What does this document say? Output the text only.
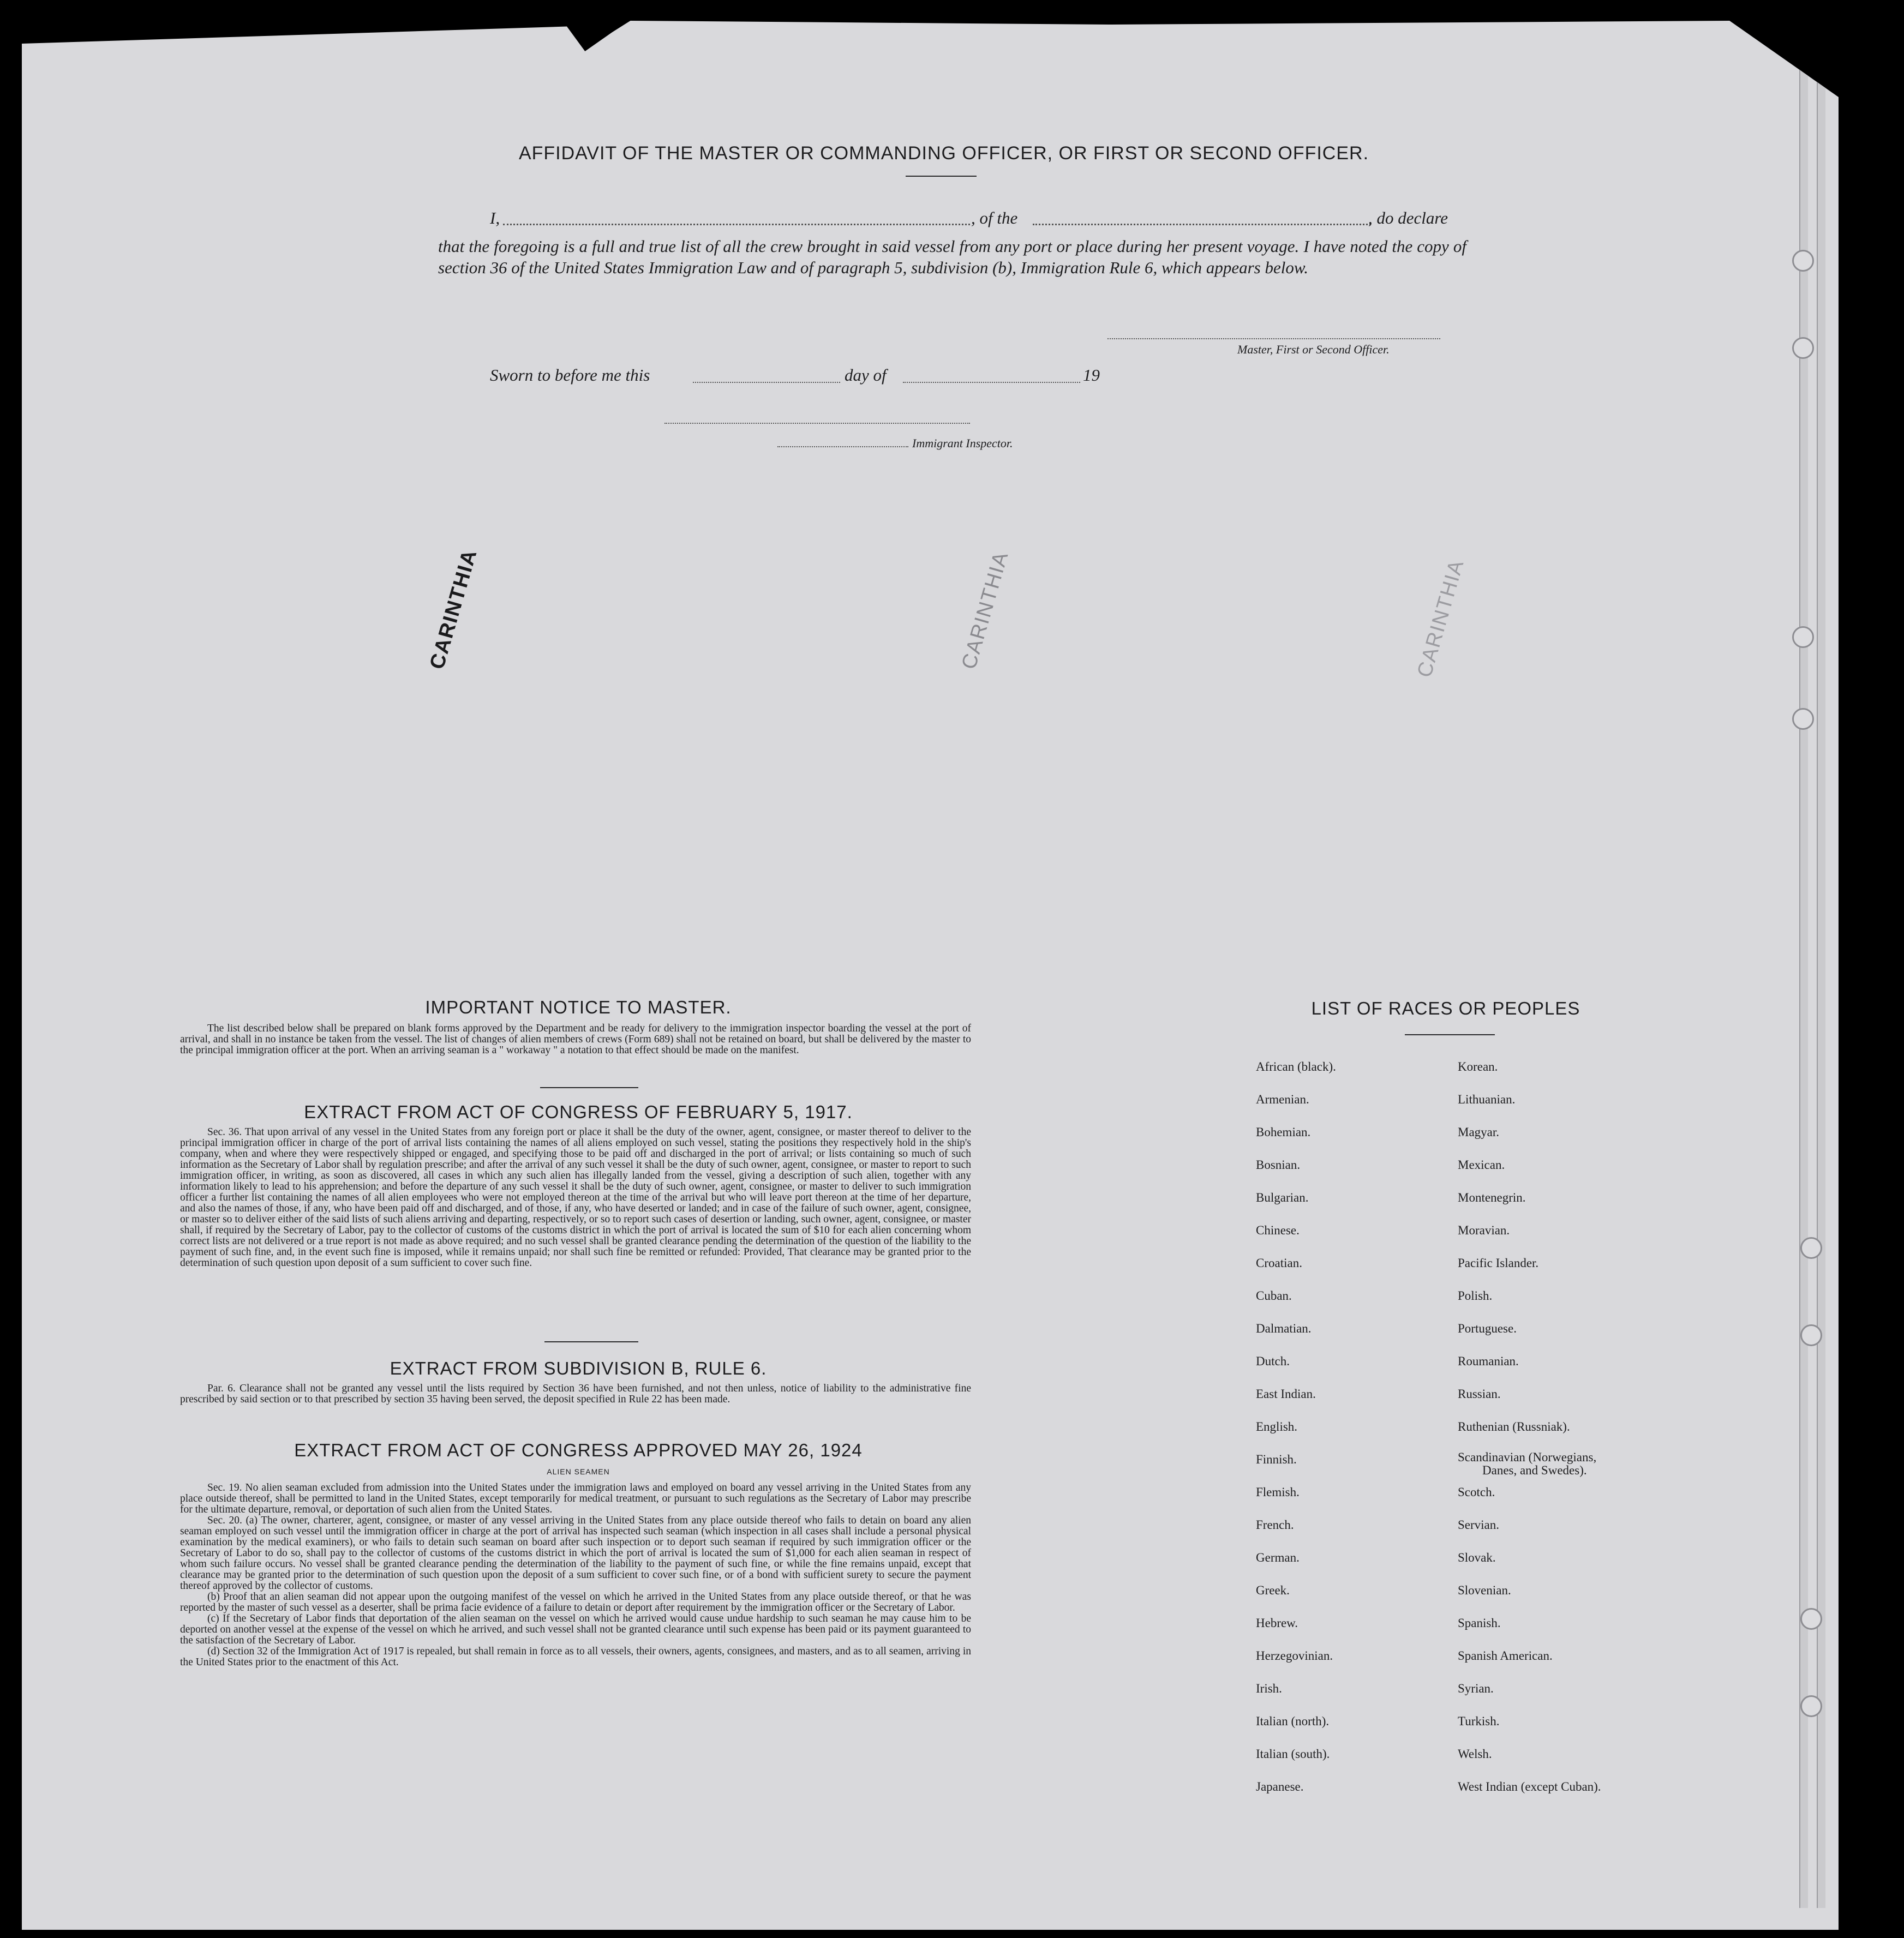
AFFIDAVIT OF THE MASTER OR COMMANDING OFFICER, OR FIRST OR SECOND OFFICER.
I,	, of the	, do declare
that the foregoing is a full and true list of all the crew brought in said vessel from any port or place during her present voyage. I have noted the copy of section 36 of the United States Immigration Law and of paragraph 5, subdivision (b), Immigration Rule 6, which appears below.
Master, First or Second Officer.
Sworn to before me this	day of	19
Immigrant Inspector.
CARINTHIA	CARINTHIA	CARINTHIA
IMPORTANT NOTICE TO MASTER.
The list described below shall be prepared on blank forms approved by the Department and be ready for delivery to the immigration inspector boarding the vessel at the port of arrival, and shall in no instance be taken from the vessel. The list of changes of alien members of crews (Form 689) shall not be retained on board, but shall be delivered by the master to the principal immigration officer at the port. When an arriving seaman is a " workaway " a notation to that effect should be made on the manifest.
EXTRACT FROM ACT OF CONGRESS OF FEBRUARY 5, 1917.
Sec. 36. That upon arrival of any vessel in the United States from any foreign port or place it shall be the duty of the owner, agent, consignee, or master thereof to deliver to the principal immigration officer in charge of the port of arrival lists containing the names of all aliens employed on such vessel, stating the positions they respectively hold in the ship's company, when and where they were respectively shipped or engaged, and specifying those to be paid off and discharged in the port of arrival; or lists containing so much of such information as the Secretary of Labor shall by regulation prescribe; and after the arrival of any such vessel it shall be the duty of such owner, agent, consignee, or master to report to such immigration officer, in writing, as soon as discovered, all cases in which any such alien has illegally landed from the vessel, giving a description of such alien, together with any information likely to lead to his apprehension; and before the departure of any such vessel it shall be the duty of such owner, agent, consignee, or master to deliver to such immigration officer a further list containing the names of all alien employees who were not employed thereon at the time of the arrival but who will leave port thereon at the time of her departure, and also the names of those, if any, who have been paid off and discharged, and of those, if any, who have deserted or landed; and in case of the failure of such owner, agent, consignee, or master so to deliver either of the said lists of such aliens arriving and departing, respectively, or so to report such cases of desertion or landing, such owner, agent, consignee, or master shall, if required by the Secretary of Labor, pay to the collector of customs of the customs district in which the port of arrival is located the sum of $10 for each alien concerning whom correct lists are not delivered or a true report is not made as above required; and no such vessel shall be granted clearance pending the determination of the question of the liability to the payment of such fine, and, in the event such fine is imposed, while it remains unpaid; nor shall such fine be remitted or refunded: Provided, That clearance may be granted prior to the determination of such question upon deposit of a sum sufficient to cover such fine.
EXTRACT FROM SUBDIVISION B, RULE 6.
Par. 6. Clearance shall not be granted any vessel until the lists required by Section 36 have been furnished, and not then unless, notice of liability to the administrative fine prescribed by said section or to that prescribed by section 35 having been served, the deposit specified in Rule 22 has been made.
EXTRACT FROM ACT OF CONGRESS APPROVED MAY 26, 1924
ALIEN SEAMEN

Sec. 19. No alien seaman excluded from admission into the United States under the immigration laws and employed on board any vessel arriving in the United States from any place outside thereof, shall be permitted to land in the United States, except temporarily for medical treatment, or pursuant to such regulations as the Secretary of Labor may prescribe for the ultimate departure, removal, or deportation of such alien from the United States.

Sec. 20. (a) The owner, charterer, agent, consignee, or master of any vessel arriving in the United States from any place outside thereof who fails to detain on board any alien seaman employed on such vessel until the immigration officer in charge at the port of arrival has inspected such seaman (which inspection in all cases shall include a personal physical examination by the medical examiners), or who fails to detain such seaman on board after such inspection or to deport such seaman if required by such immigration officer or the Secretary of Labor to do so, shall pay to the collector of customs of the customs district in which the port of arrival is located the sum of $1,000 for each alien seaman in respect of whom such failure occurs. No vessel shall be granted clearance pending the determination of the liability to the payment of such fine, or while the fine remains unpaid, except that clearance may be granted prior to the determination of such question upon the deposit of a sum sufficient to cover such fine, or of a bond with sufficient surety to secure the payment thereof approved by the collector of customs.

(b) Proof that an alien seaman did not appear upon the outgoing manifest of the vessel on which he arrived in the United States from any place outside thereof, or that he was reported by the master of such vessel as a deserter, shall be prima facie evidence of a failure to detain or deport after requirement by the immigration officer or the Secretary of Labor.

(c) If the Secretary of Labor finds that deportation of the alien seaman on the vessel on which he arrived would cause undue hardship to such seaman he may cause him to be deported on another vessel at the expense of the vessel on which he arrived, and such vessel shall not be granted clearance until such expense has been paid or its payment guaranteed to the satisfaction of the Secretary of Labor.

(d) Section 32 of the Immigration Act of 1917 is repealed, but shall remain in force as to all vessels, their owners, agents, consignees, and masters, and as to all seamen, arriving in the United States prior to the enactment of this Act.

LIST OF RACES OR PEOPLES
African (black).
Armenian.
Bohemian.
Bosnian.
Bulgarian.
Chinese.
Croatian.
Cuban.
Dalmatian.
Dutch.
East Indian.
English.
Finnish.
Flemish.
French.
German.
Greek.
Hebrew.
Herzegovinian.
Irish.
Italian (north).
Italian (south).
Japanese.
Korean.
Lithuanian.
Magyar.
Mexican.
Montenegrin.
Moravian.
Pacific Islander.
Polish.
Portuguese.
Roumanian.
Russian.
Ruthenian (Russniak).
Scandinavian (Norwegians,
Danes, and Swedes).
Scotch.
Servian.
Slovak.
Slovenian.
Spanish.
Spanish American.
Syrian.
Turkish.
Welsh.
West Indian (except Cuban).
